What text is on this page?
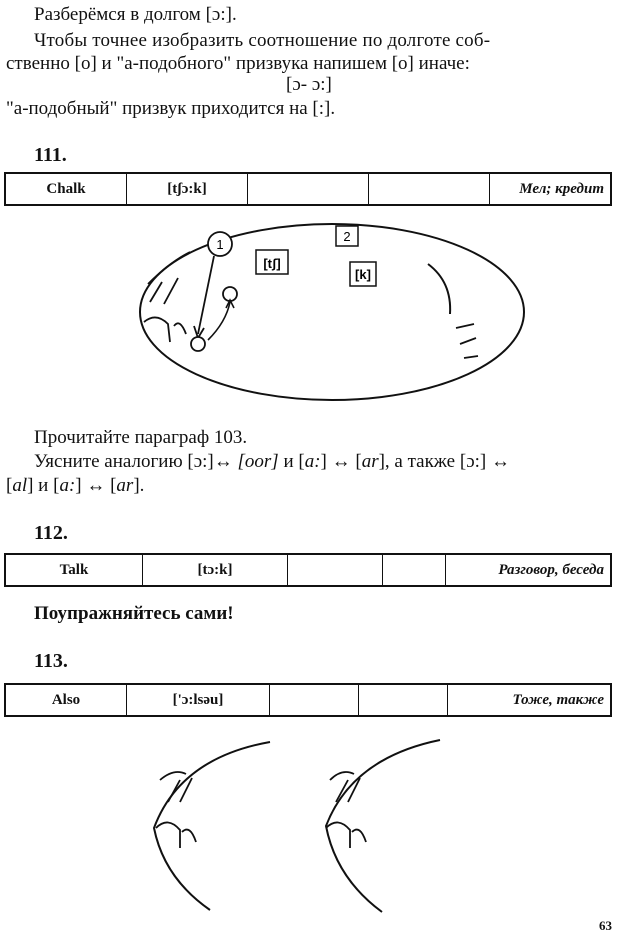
Разберёмся в долгом [ɔ:].
Чтобы точнее изобразить соотношение по долготе соб-
ственно [o] и "а-подобного" призвука напишем [o] иначе:
[ɔ- ɔ:]
"а-подобный" призвук приходится на [:].
111.
Chalk	[tʃɔ:k]			Мел; кредит
1
[tʃ]
2
[k]
Прочитайте параграф 103.
Уясните аналогию [ɔ:]↔ [oor] и [a:] ↔ [ar], а также [ɔ:] ↔
[al] и [a:] ↔ [ar].
112.
Talk	[tɔ:k]			Разговор, беседа
Поупражняйтесь сами!
113.
Also	['ɔ:lsəu]			Тоже, также
63
